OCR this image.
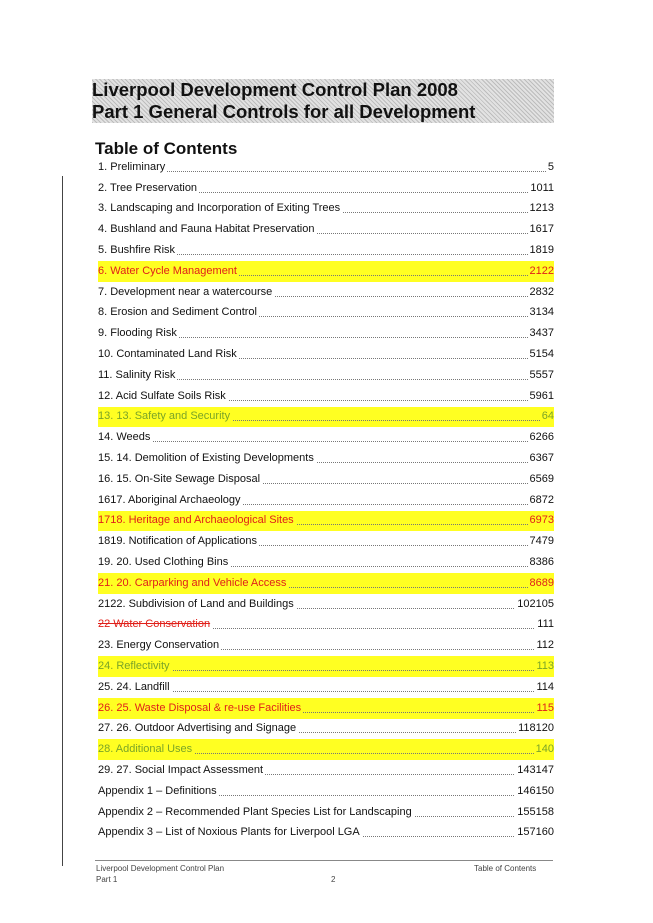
Liverpool Development Control Plan 2008
Part 1 General Controls for all Development
Table of Contents
1. Preliminary	5
2. Tree Preservation	1011
3. Landscaping and Incorporation of Exiting Trees	1213
4. Bushland and Fauna Habitat Preservation	1617
5. Bushfire Risk	1819
6. Water Cycle Management	2122
7. Development near a watercourse	2832
8. Erosion and Sediment Control	3134
9. Flooding Risk	3437
10. Contaminated Land Risk	5154
11. Salinity Risk	5557
12. Acid Sulfate Soils Risk	5961
13. 13. Safety and Security	64
14. Weeds	6266
15. 14. Demolition of Existing Developments	6367
16. 15. On-Site Sewage Disposal	6569
1617. Aboriginal Archaeology	6872
1718. Heritage and Archaeological Sites	6973
1819. Notification of Applications	7479
19. 20. Used Clothing Bins	8386
21. 20. Carparking and Vehicle Access	8689
2122. Subdivision of Land and Buildings	102105
22 Water Conservation	111
23. Energy Conservation	112
24. Reflectivity	113
25. 24. Landfill	114
26. 25. Waste Disposal & re-use Facilities	115
27. 26. Outdoor Advertising and Signage	118120
28. Additional Uses	140
29. 27. Social Impact Assessment	143147
Appendix 1 – Definitions	146150
Appendix 2 – Recommended Plant Species List for Landscaping	155158
Appendix 3 – List of Noxious Plants for Liverpool LGA	157160
Liverpool Development Control Plan
Part 1	2
Table of Contents
